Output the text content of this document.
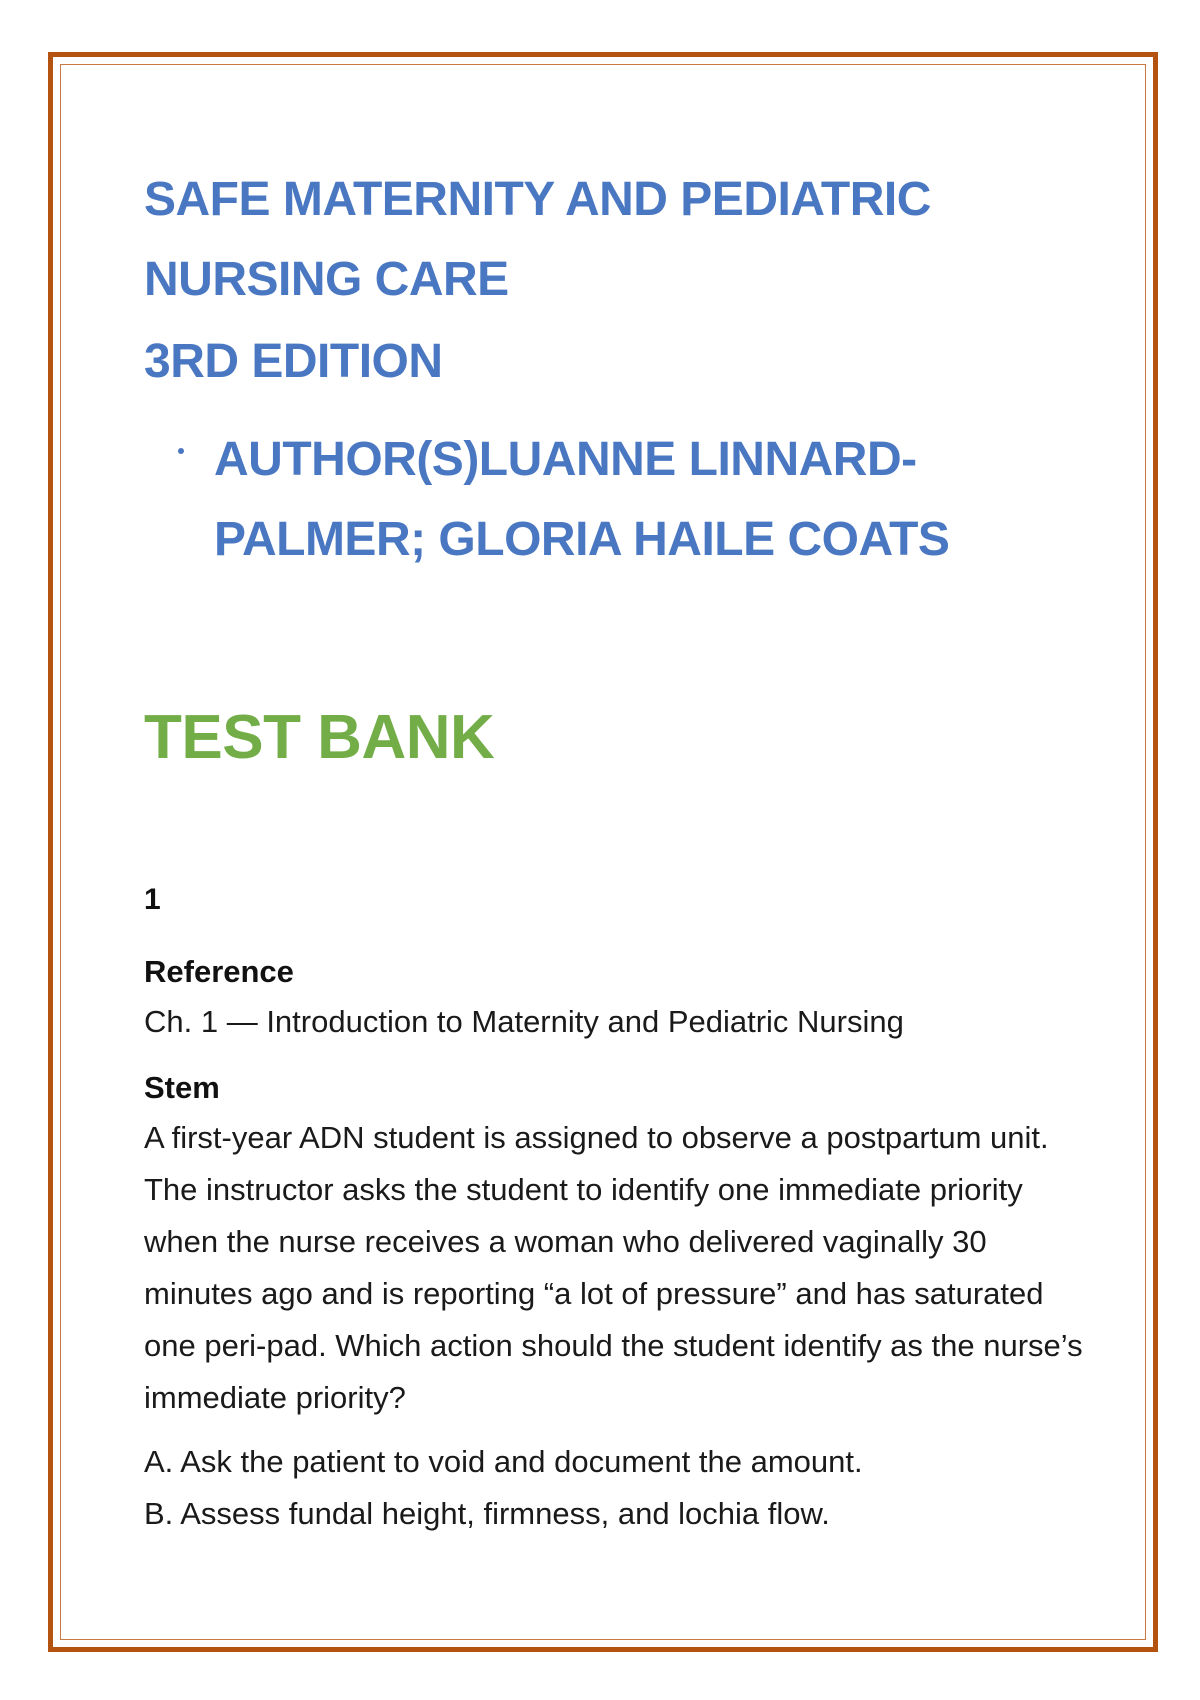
SAFE MATERNITY AND PEDIATRIC NURSING CARE
3RD EDITION
AUTHOR(S)LUANNE LINNARD-PALMER; GLORIA HAILE COATS
TEST BANK
1
Reference
Ch. 1 — Introduction to Maternity and Pediatric Nursing
Stem
A first-year ADN student is assigned to observe a postpartum unit. The instructor asks the student to identify one immediate priority when the nurse receives a woman who delivered vaginally 30 minutes ago and is reporting “a lot of pressure” and has saturated one peri-pad. Which action should the student identify as the nurse’s immediate priority?
A. Ask the patient to void and document the amount.
B. Assess fundal height, firmness, and lochia flow.
